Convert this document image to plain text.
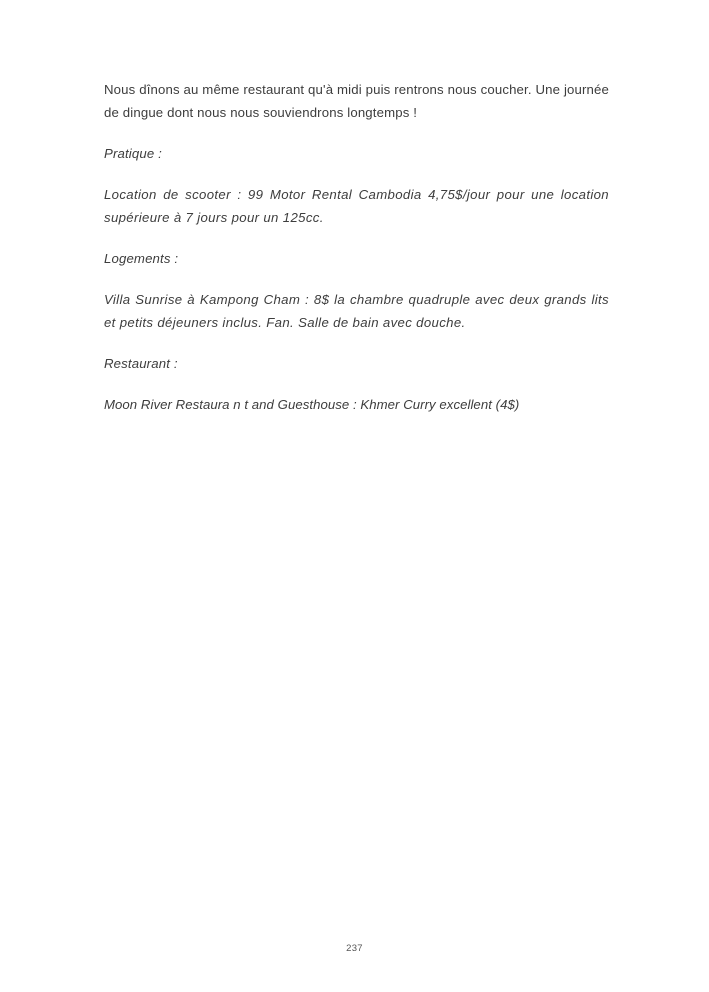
Nous dînons au même restaurant qu'à midi puis rentrons nous coucher. Une journée de dingue dont nous nous souviendrons longtemps !

Pratique :

Location de scooter : 99 Motor Rental Cambodia 4,75$/jour pour une location supérieure à 7 jours pour un 125cc.

Logements :

Villa Sunrise à Kampong Cham : 8$ la chambre quadruple avec deux grands lits et petits déjeuners inclus. Fan. Salle de bain avec douche.

Restaurant :

Moon River Restaura n t and Guesthouse : Khmer Curry excellent (4$)

237
